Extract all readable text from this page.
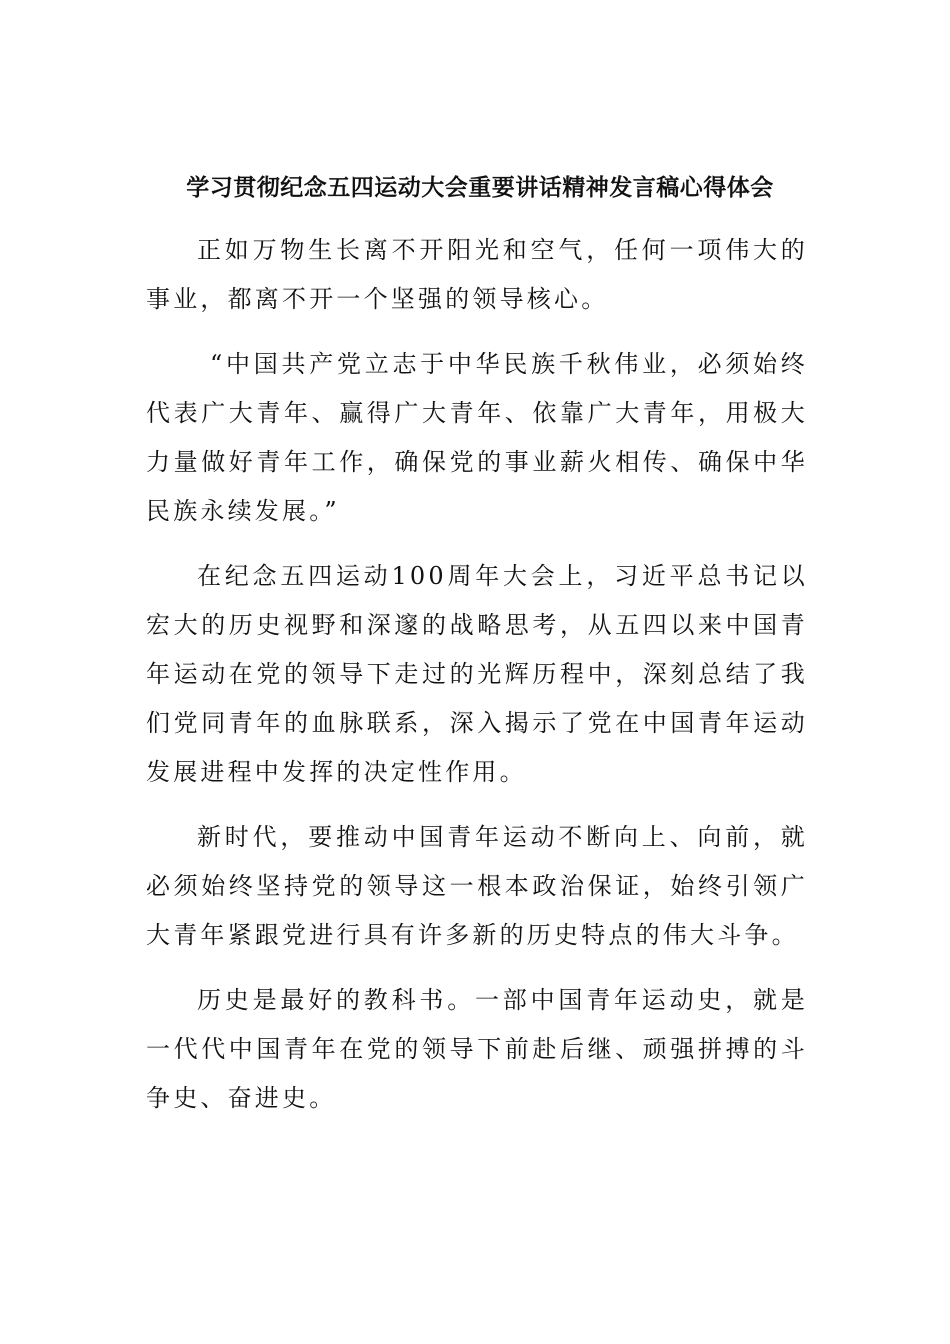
学习贯彻纪念五四运动大会重要讲话精神发言稿心得体会

正如万物生长离不开阳光和空气，任何一项伟大的事业，都离不开一个坚强的领导核心。

“中国共产党立志于中华民族千秋伟业，必须始终代表广大青年、赢得广大青年、依靠广大青年，用极大力量做好青年工作，确保党的事业薪火相传、确保中华民族永续发展。”

在纪念五四运动100周年大会上，习近平总书记以宏大的历史视野和深邃的战略思考，从五四以来中国青年运动在党的领导下走过的光辉历程中，深刻总结了我们党同青年的血脉联系，深入揭示了党在中国青年运动发展进程中发挥的决定性作用。

新时代，要推动中国青年运动不断向上、向前，就必须始终坚持党的领导这一根本政治保证，始终引领广大青年紧跟党进行具有许多新的历史特点的伟大斗争。

历史是最好的教科书。一部中国青年运动史，就是一代代中国青年在党的领导下前赴后继、顽强拼搏的斗争史、奋进史。
